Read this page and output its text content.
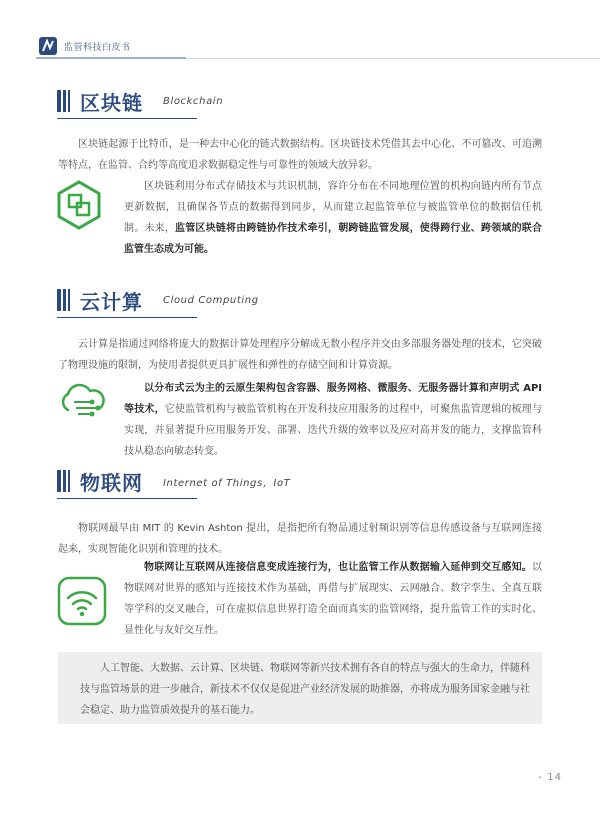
监管科技白皮书
区块链 Blockchain

区块链起源于比特币，是一种去中心化的链式数据结构。区块链技术凭借其去中心化、不可篡改、可追溯等特点，在监管、合约等高度追求数据稳定性与可靠性的领域大放异彩。

区块链利用分布式存储技术与共识机制，容许分布在不同地理位置的机构向链内所有节点更新数据，且确保各节点的数据得到同步，从而建立起监管单位与被监管单位的数据信任机制。未来，监管区块链将由跨链协作技术牵引，朝跨链监管发展，使得跨行业、跨领域的联合监管生态成为可能。

云计算 Cloud Computing

云计算是指通过网络将庞大的数据计算处理程序分解成无数小程序并交由多部服务器处理的技术，它突破了物理设施的限制，为使用者提供更具扩展性和弹性的存储空间和计算资源。

以分布式云为主的云原生架构包含容器、服务网格、微服务、无服务器计算和声明式 API 等技术，它使监管机构与被监管机构在开发科技应用服务的过程中，可聚焦监管逻辑的梳理与实现，并显著提升应用服务开发、部署、迭代升级的效率以及应对高并发的能力，支撑监管科技从稳态向敏态转变。

物联网 Internet of Things，IoT

物联网最早由 MIT 的 Kevin Ashton 提出，是指把所有物品通过射频识别等信息传感设备与互联网连接起来，实现智能化识别和管理的技术。

物联网让互联网从连接信息变成连接行为，也让监管工作从数据输入延伸到交互感知。以物联网对世界的感知与连接技术作为基础，再借与扩展现实、云网融合、数字孪生、全真互联等学科的交叉融合，可在虚拟信息世界打造全面而真实的监管网络，提升监管工作的实时化、显性化与友好交互性。

人工智能、大数据、云计算、区块链、物联网等新兴技术拥有各自的特点与强大的生命力，伴随科技与监管场景的进一步融合，新技术不仅仅是促进产业经济发展的助推器，亦将成为服务国家金融与社会稳定、助力监管质效提升的基石能力。

- 14
